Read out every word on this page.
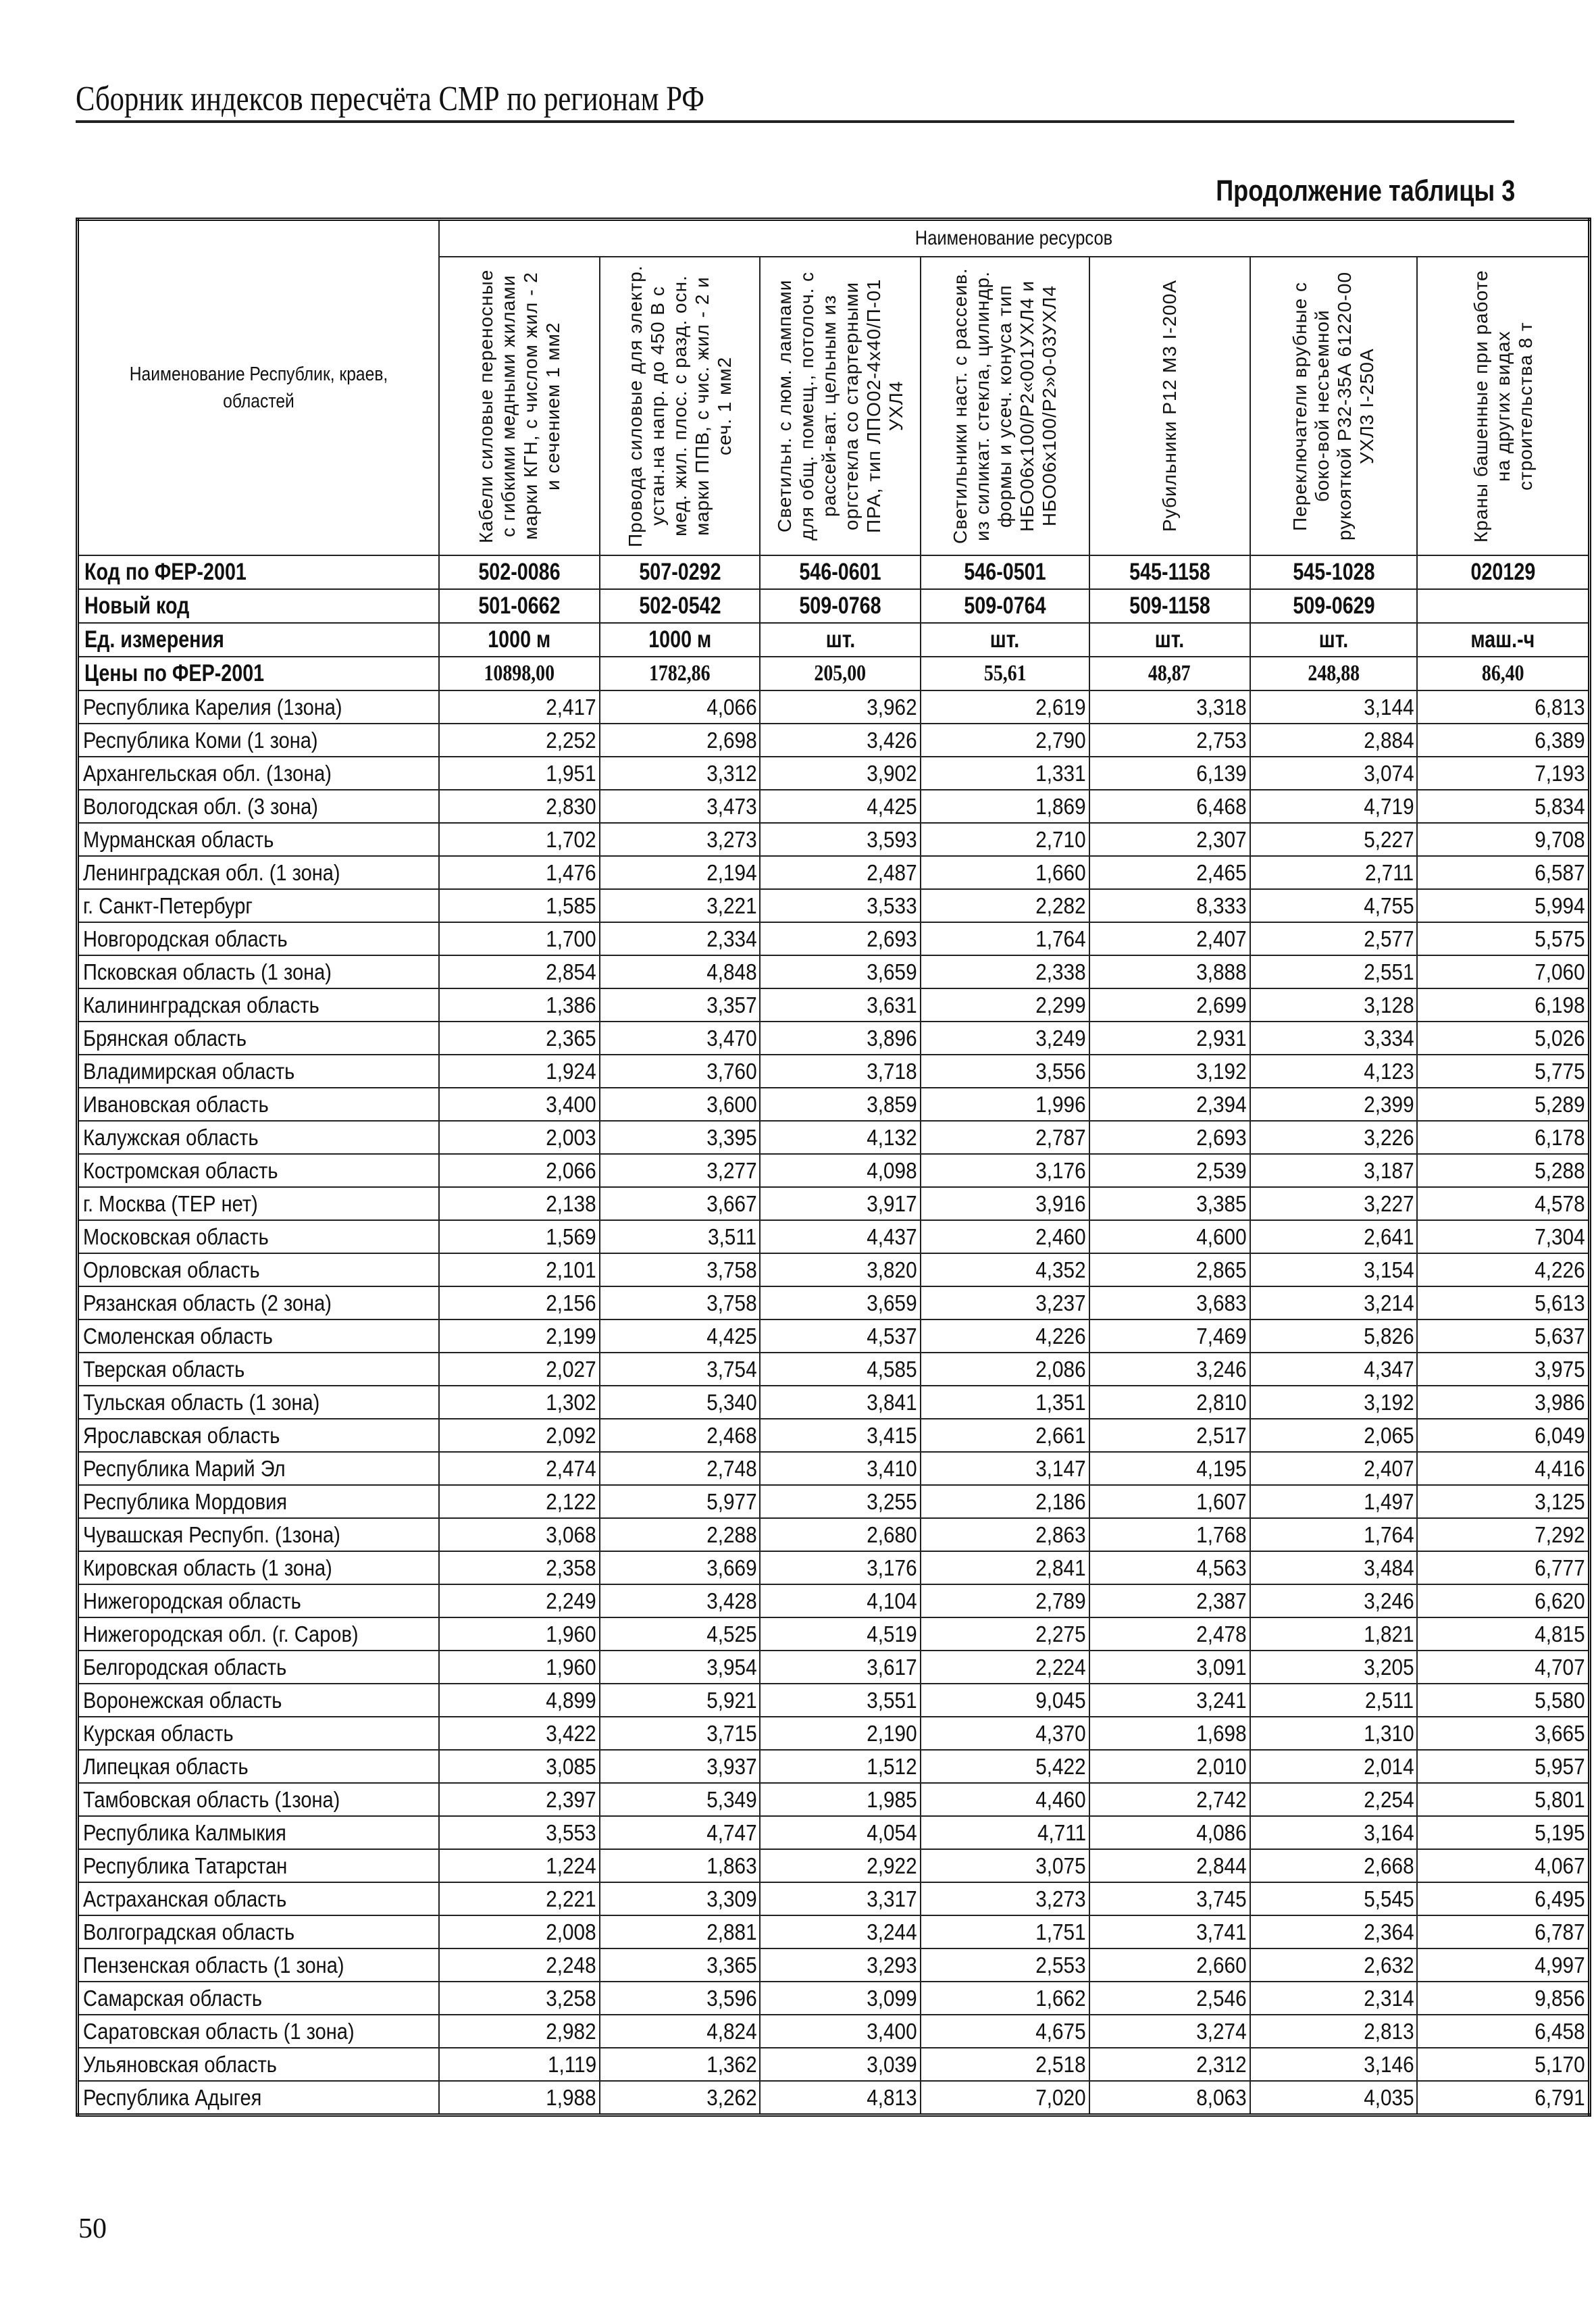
Сборник индексов пересчёта СМР по регионам РФ
Продолжение таблицы 3
Наименование Республик, краев, областей	Наименование ресурсов						

	Кабели силовые переносные с гибкими медными жилами марки КГН, с числом жил - 2 и сечением 1 мм2	Провода силовые для электр. устан.на напр. до 450 В с мед. жил. плос. с разд. осн. марки ППВ, с чис. жил - 2 и сеч. 1 мм2	Светильн. с люм. лампами для общ. помещ., потолоч. с рассей-ват. цельным из оргстекла со стартерными ПРА, тип ЛПО02-4х40/П-01 УХЛ4	Светильники наст. с рассеив. из силикат. стекла, цилиндр. формы и усеч. конуса тип НБО06х100/Р2«001УХЛ4 и НБО06х100/Р2»0-03УХЛ4	Рубильники Р12 М3 I-200А	Переключатели врубные с боко-вой несъемной рукояткой Р32-35А 61220-00 УХЛ3 I-250А	Краны башенные при работе на других видах строительства 8 т

Код по ФЕР-2001	502-0086	507-0292	546-0601	546-0501	545-1158	545-1028	020129
Новый код	501-0662	502-0542	509-0768	509-0764	509-1158	509-0629	
Ед. измерения	1000 м	1000 м	шт.	шт.	шт.	шт.	маш.-ч
Цены по ФЕР-2001	10898,00	1782,86	205,00	55,61	48,87	248,88	86,40
Республика Карелия (1зона)	2,417	4,066	3,962	2,619	3,318	3,144	6,813
Республика Коми (1 зона)	2,252	2,698	3,426	2,790	2,753	2,884	6,389
Архангельская обл. (1зона)	1,951	3,312	3,902	1,331	6,139	3,074	7,193
Вологодская обл. (3 зона)	2,830	3,473	4,425	1,869	6,468	4,719	5,834
Мурманская область	1,702	3,273	3,593	2,710	2,307	5,227	9,708
Ленинградская обл. (1 зона)	1,476	2,194	2,487	1,660	2,465	2,711	6,587
г. Санкт-Петербург	1,585	3,221	3,533	2,282	8,333	4,755	5,994
Новгородская область	1,700	2,334	2,693	1,764	2,407	2,577	5,575
Псковская область (1 зона)	2,854	4,848	3,659	2,338	3,888	2,551	7,060
Калининградская область	1,386	3,357	3,631	2,299	2,699	3,128	6,198
Брянская область	2,365	3,470	3,896	3,249	2,931	3,334	5,026
Владимирская область	1,924	3,760	3,718	3,556	3,192	4,123	5,775
Ивановская область	3,400	3,600	3,859	1,996	2,394	2,399	5,289
Калужская область	2,003	3,395	4,132	2,787	2,693	3,226	6,178
Костромская область	2,066	3,277	4,098	3,176	2,539	3,187	5,288
г. Москва (ТЕР нет)	2,138	3,667	3,917	3,916	3,385	3,227	4,578
Московская область	1,569	3,511	4,437	2,460	4,600	2,641	7,304
Орловская область	2,101	3,758	3,820	4,352	2,865	3,154	4,226
Рязанская область (2 зона)	2,156	3,758	3,659	3,237	3,683	3,214	5,613
Смоленская область	2,199	4,425	4,537	4,226	7,469	5,826	5,637
Тверская область	2,027	3,754	4,585	2,086	3,246	4,347	3,975
Тульская область (1 зона)	1,302	5,340	3,841	1,351	2,810	3,192	3,986
Ярославская область	2,092	2,468	3,415	2,661	2,517	2,065	6,049
Республика Марий Эл	2,474	2,748	3,410	3,147	4,195	2,407	4,416
Республика Мордовия	2,122	5,977	3,255	2,186	1,607	1,497	3,125
Чувашская Респубп. (1зона)	3,068	2,288	2,680	2,863	1,768	1,764	7,292
Кировская область (1 зона)	2,358	3,669	3,176	2,841	4,563	3,484	6,777
Нижегородская область	2,249	3,428	4,104	2,789	2,387	3,246	6,620
Нижегородская обл. (г. Саров)	1,960	4,525	4,519	2,275	2,478	1,821	4,815
Белгородская область	1,960	3,954	3,617	2,224	3,091	3,205	4,707
Воронежская область	4,899	5,921	3,551	9,045	3,241	2,511	5,580
Курская область	3,422	3,715	2,190	4,370	1,698	1,310	3,665
Липецкая область	3,085	3,937	1,512	5,422	2,010	2,014	5,957
Тамбовская область (1зона)	2,397	5,349	1,985	4,460	2,742	2,254	5,801
Республика Калмыкия	3,553	4,747	4,054	4,711	4,086	3,164	5,195
Республика Татарстан	1,224	1,863	2,922	3,075	2,844	2,668	4,067
Астраханская область	2,221	3,309	3,317	3,273	3,745	5,545	6,495
Волгоградская область	2,008	2,881	3,244	1,751	3,741	2,364	6,787
Пензенская область (1 зона)	2,248	3,365	3,293	2,553	2,660	2,632	4,997
Самарская область	3,258	3,596	3,099	1,662	2,546	2,314	9,856
Саратовская область (1 зона)	2,982	4,824	3,400	4,675	3,274	2,813	6,458
Ульяновская область	1,119	1,362	3,039	2,518	2,312	3,146	5,170
Республика Адыгея	1,988	3,262	4,813	7,020	8,063	4,035	6,791
50
